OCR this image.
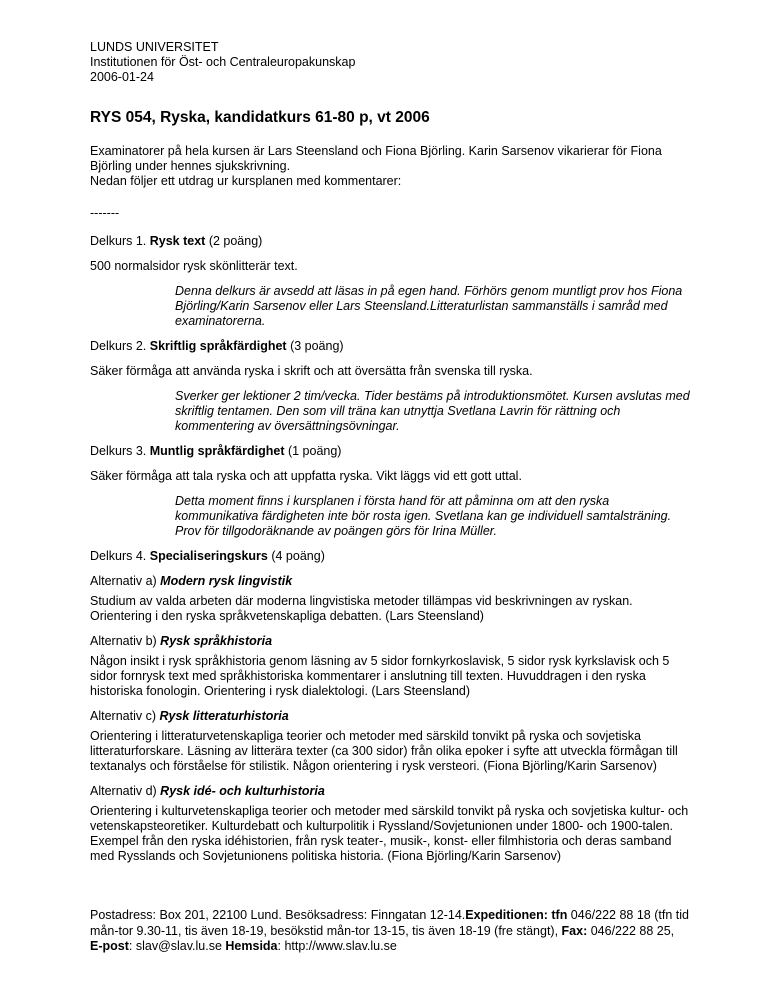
LUNDS UNIVERSITET
Institutionen för Öst- och Centraleuropakunskap
2006-01-24
RYS 054, Ryska, kandidatkurs 61-80 p, vt 2006

Examinatorer på hela kursen är Lars Steensland och Fiona Björling. Karin Sarsenov vikarierar för Fiona Björling under hennes sjukskrivning.

Nedan följer ett utdrag ur kursplanen med kommentarer:

-------

Delkurs 1. Rysk text (2 poäng)

500 normalsidor rysk skönlitterär text.

Denna delkurs är avsedd att läsas in på egen hand. Förhörs genom muntligt prov hos Fiona Björling/Karin Sarsenov eller Lars Steensland.Litteraturlistan sammanställs i samråd med examinatorerna.

Delkurs 2. Skriftlig språkfärdighet (3 poäng)

Säker förmåga att använda ryska i skrift och att översätta från svenska till ryska.

Sverker ger lektioner 2 tim/vecka. Tider bestäms på introduktionsmötet. Kursen avslutas med skriftlig tentamen. Den som vill träna kan utnyttja Svetlana Lavrin för rättning och kommentering av översättningsövningar.

Delkurs 3. Muntlig språkfärdighet (1 poäng)

Säker förmåga att tala ryska och att uppfatta ryska. Vikt läggs vid ett gott uttal.

Detta moment finns i kursplanen i första hand för att påminna om att den ryska kommunikativa färdigheten inte bör rosta igen. Svetlana kan ge individuell samtalsträning. Prov för tillgodoräknande av poängen görs för Irina Müller.

Delkurs 4. Specialiseringskurs (4 poäng)

Alternativ a) Modern rysk lingvistik

Studium av valda arbeten där moderna lingvistiska metoder tillämpas vid beskrivningen av ryskan. Orientering i den ryska språkvetenskapliga debatten. (Lars Steensland)

Alternativ b) Rysk språkhistoria

Någon insikt i rysk språkhistoria genom läsning av 5 sidor fornkyrkoslavisk, 5 sidor rysk kyrkslavisk och 5 sidor fornrysk text med språkhistoriska kommentarer i anslutning till texten. Huvuddragen i den ryska historiska fonologin. Orientering i rysk dialektologi. (Lars Steensland)

Alternativ c) Rysk litteraturhistoria

Orientering i litteraturvetenskapliga teorier och metoder med särskild tonvikt på ryska och sovjetiska litteraturforskare. Läsning av litterära texter (ca 300 sidor) från olika epoker i syfte att utveckla förmågan till textanalys och förståelse för stilistik. Någon orientering i rysk versteori. (Fiona Björling/Karin Sarsenov)

Alternativ d) Rysk idé- och kulturhistoria

Orientering i kulturvetenskapliga teorier och metoder med särskild tonvikt på ryska och sovjetiska kultur- och vetenskapsteoretiker. Kulturdebatt och kulturpolitik i Ryssland/Sovjetunionen under 1800- och 1900-talen. Exempel från den ryska idéhistorien, från rysk teater-, musik-, konst- eller filmhistoria och deras samband med Rysslands och Sovjetunionens politiska historia. (Fiona Björling/Karin Sarsenov)

Postadress: Box 201, 22100 Lund. Besöksadress: Finngatan 12-14.Expeditionen: tfn 046/222 88 18 (tfn tid mån-tor 9.30-11, tis även 18-19, besökstid mån-tor 13-15, tis även 18-19 (fre stängt), Fax: 046/222 88 25, E-post: slav@slav.lu.se Hemsida: http://www.slav.lu.se
